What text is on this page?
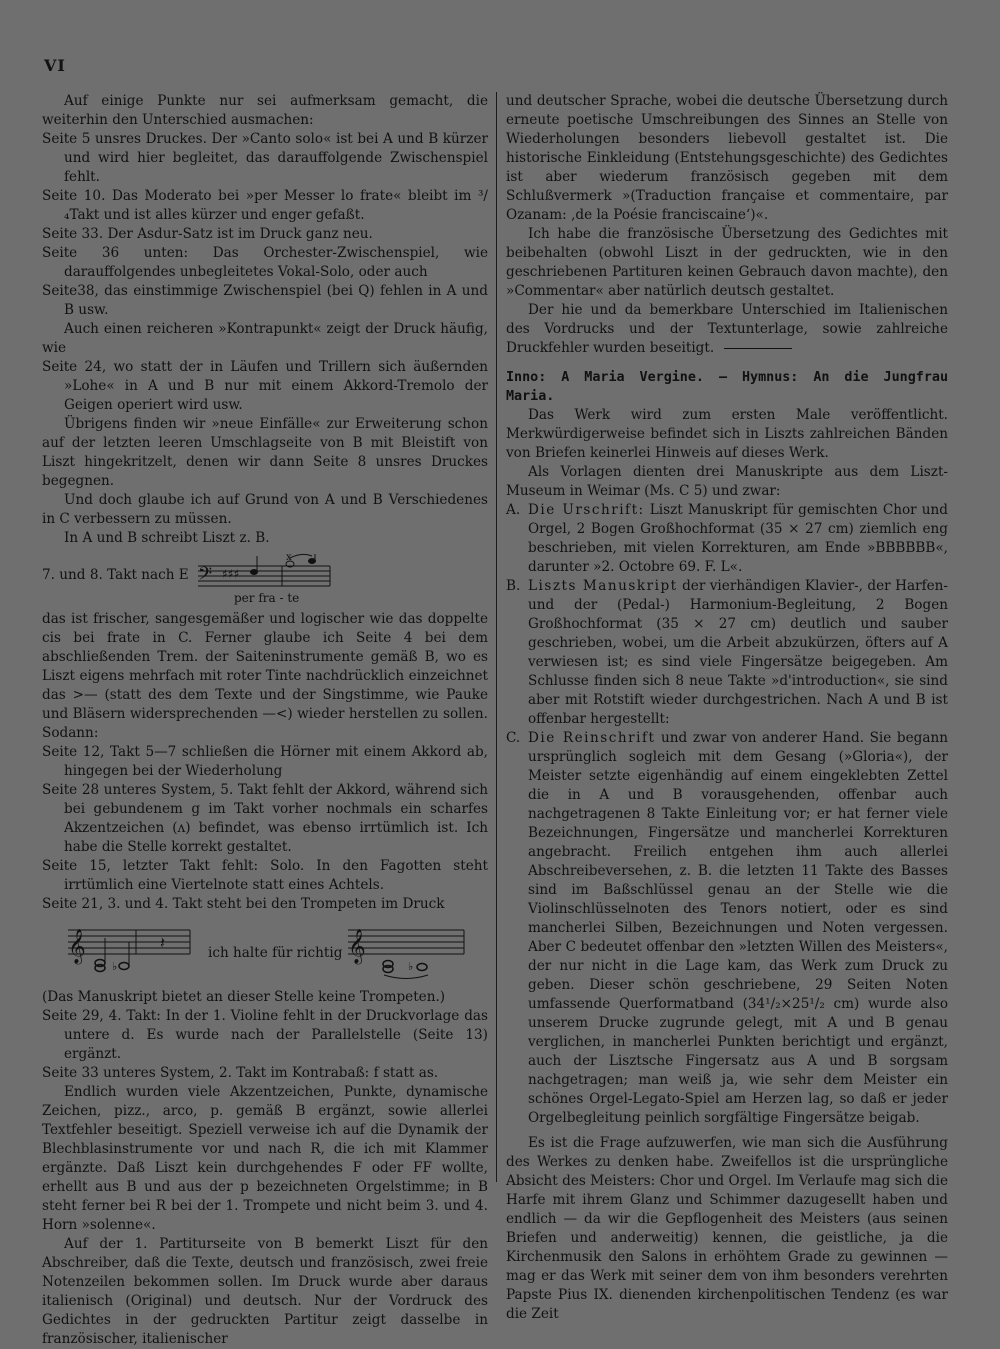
VI

Auf einige Punkte nur sei aufmerksam gemacht, die weiterhin den Unterschied ausmachen:

Seite 5 unsres Druckes. Der »Canto solo« ist bei A und B kürzer und wird hier begleitet, das darauffolgende Zwischenspiel fehlt.

Seite 10. Das Moderato bei »per Messer lo frate« bleibt im ³/₄Takt und ist alles kürzer und enger gefaßt.

Seite 33. Der Asdur-Satz ist im Druck ganz neu.

Seite 36 unten: Das Orchester-Zwischenspiel, wie darauffolgendes unbegleitetes Vokal-Solo, oder auch

Seite38, das einstimmige Zwischenspiel (bei Q) fehlen in A und B usw.

Auch einen reicheren »Kontrapunkt« zeigt der Druck häufig, wie

Seite 24, wo statt der in Läufen und Trillern sich äußernden »Lohe« in A und B nur mit einem Akkord-Tremolo der Geigen operiert wird usw.

Übrigens finden wir »neue Einfälle« zur Erweiterung schon auf der letzten leeren Umschlagseite von B mit Bleistift von Liszt hingekritzelt, denen wir dann Seite 8 unsres Druckes begegnen.

Und doch glaube ich auf Grund von A und B Verschiedenes in C verbessern zu müssen.

In A und B schreibt Liszt z. B.

7. und 8. Takt nach E 𝄢 ♯♯♯
x
per fra - te

das ist frischer, sangesgemäßer und logischer wie das doppelte cis bei frate in C. Ferner glaube ich Seite 4 bei dem abschließenden Trem. der Saiteninstrumente gemäß B, wo es Liszt eigens mehrfach mit roter Tinte nachdrücklich einzeichnet das >— (statt des dem Texte und der Singstimme, wie Pauke und Bläsern widersprechenden —<) wieder herstellen zu sollen. Sodann:

Seite 12, Takt 5—7 schließen die Hörner mit einem Akkord ab, hingegen bei der Wiederholung

Seite 28 unteres System, 5. Takt fehlt der Akkord, während sich bei gebundenem g im Takt vorher nochmals ein scharfes Akzentzeichen (ʌ) befindet, was ebenso irrtümlich ist. Ich habe die Stelle korrekt gestaltet.

Seite 15, letzter Takt fehlt: Solo. In den Fagotten steht irrtümlich eine Viertelnote statt eines Achtels.

Seite 21, 3. und 4. Takt steht bei den Trompeten im Druck

𝄞
♭
𝄽
ich halte für richtig 𝄞
♭

(Das Manuskript bietet an dieser Stelle keine Trompeten.)

Seite 29, 4. Takt: In der 1. Violine fehlt in der Druckvorlage das untere d. Es wurde nach der Parallelstelle (Seite 13) ergänzt.

Seite 33 unteres System, 2. Takt im Kontrabaß: f statt as.

Endlich wurden viele Akzentzeichen, Punkte, dynamische Zeichen, pizz., arco, p. gemäß B ergänzt, sowie allerlei Textfehler beseitigt. Speziell verweise ich auf die Dynamik der Blechblasinstrumente vor und nach R, die ich mit Klammer ergänzte. Daß Liszt kein durchgehendes F oder FF wollte, erhellt aus B und aus der p bezeichneten Orgelstimme; in B steht ferner bei R bei der 1. Trompete und nicht beim 3. und 4. Horn »solenne«.

Auf der 1. Partiturseite von B bemerkt Liszt für den Abschreiber, daß die Texte, deutsch und französisch, zwei freie Notenzeilen bekommen sollen. Im Druck wurde aber daraus italienisch (Original) und deutsch. Nur der Vordruck des Gedichtes in der gedruckten Partitur zeigt dasselbe in französischer, italienischer

und deutscher Sprache, wobei die deutsche Übersetzung durch erneute poetische Umschreibungen des Sinnes an Stelle von Wiederholungen besonders liebevoll gestaltet ist. Die historische Einkleidung (Entstehungsgeschichte) des Gedichtes ist aber wiederum französisch gegeben mit dem Schlußvermerk »(Traduction française et commentaire, par Ozanam: ‚de la Poésie franciscaine‘)«.

Ich habe die französische Übersetzung des Gedichtes mit beibehalten (obwohl Liszt in der gedruckten, wie in den geschriebenen Partituren keinen Gebrauch davon machte), den »Commentar« aber natürlich deutsch gestaltet.

Der hie und da bemerkbare Unterschied im Italienischen des Vordrucks und der Textunterlage, sowie zahlreiche Druckfehler wurden beseitigt.

Inno: A Maria Vergine. — Hymnus: An die Jungfrau Maria.

Das Werk wird zum ersten Male veröffentlicht. Merkwürdigerweise befindet sich in Liszts zahlreichen Bänden von Briefen keinerlei Hinweis auf dieses Werk.

Als Vorlagen dienten drei Manuskripte aus dem Liszt-Museum in Weimar (Ms. C 5) und zwar:

A. Die Urschrift: Liszt Manuskript für gemischten Chor und Orgel, 2 Bogen Großhochformat (35 × 27 cm) ziemlich eng beschrieben, mit vielen Korrekturen, am Ende »BBBBBB«, darunter »2. Octobre 69. F. L«.
B. Liszts Manuskript der vierhändigen Klavier-, der Harfen- und der (Pedal-) Harmonium-Begleitung, 2 Bogen Großhochformat (35 × 27 cm) deutlich und sauber geschrieben, wobei, um die Arbeit abzukürzen, öfters auf A verwiesen ist; es sind viele Fingersätze beigegeben. Am Schlusse finden sich 8 neue Takte »d'introduction«, sie sind aber mit Rotstift wieder durchgestrichen. Nach A und B ist offenbar hergestellt:
C. Die Reinschrift und zwar von anderer Hand. Sie begann ursprünglich sogleich mit dem Gesang (»Gloria«), der Meister setzte eigenhändig auf einem eingeklebten Zettel die in A und B vorausgehenden, offenbar auch nachgetragenen 8 Takte Einleitung vor; er hat ferner viele Bezeichnungen, Fingersätze und mancherlei Korrekturen angebracht. Freilich entgehen ihm auch allerlei Abschreibeversehen, z. B. die letzten 11 Takte des Basses sind im Baßschlüssel genau an der Stelle wie die Violinschlüsselnoten des Tenors notiert, oder es sind mancherlei Silben, Bezeichnungen und Noten vergessen. Aber C bedeutet offenbar den »letzten Willen des Meisters«, der nur nicht in die Lage kam, das Werk zum Druck zu geben. Dieser schön geschriebene, 29 Seiten Noten umfassende Querformatband (34¹/₂×25¹/₂ cm) wurde also unserem Drucke zugrunde gelegt, mit A und B genau verglichen, in mancherlei Punkten berichtigt und ergänzt, auch der Lisztsche Fingersatz aus A und B sorgsam nachgetragen; man weiß ja, wie sehr dem Meister ein schönes Orgel-Legato-Spiel am Herzen lag, so daß er jeder Orgelbegleitung peinlich sorgfältige Fingersätze beigab.

Es ist die Frage aufzuwerfen, wie man sich die Ausführung des Werkes zu denken habe. Zweifellos ist die ursprüngliche Absicht des Meisters: Chor und Orgel. Im Verlaufe mag sich die Harfe mit ihrem Glanz und Schimmer dazugesellt haben und endlich — da wir die Gepflogenheit des Meisters (aus seinen Briefen und anderweitig) kennen, die geistliche, ja die Kirchenmusik den Salons in erhöhtem Grade zu gewinnen — mag er das Werk mit seiner dem von ihm besonders verehrten Papste Pius IX. dienenden kirchenpolitischen Tendenz (es war die Zeit
